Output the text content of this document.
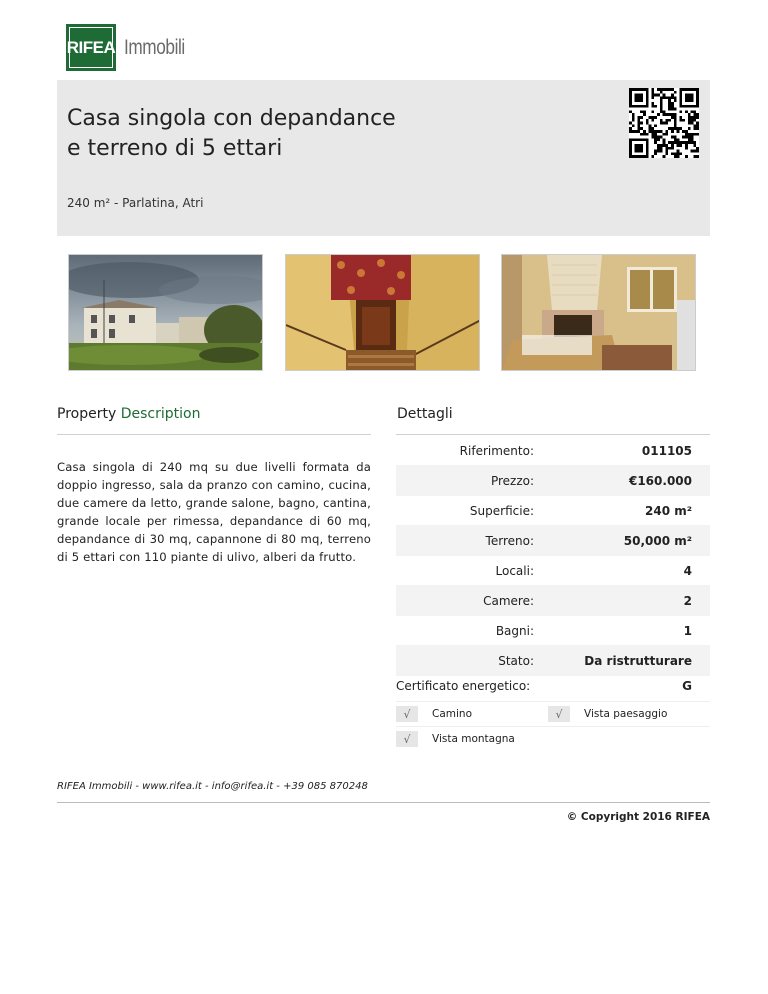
RIFEA Immobili
Casa singola con depandance e terreno di 5 ettari
240 m² - Parlatina, Atri
Property Description

Casa singola di 240 mq su due livelli formata da doppio ingresso, sala da pranzo con camino, cucina, due camere da letto, grande salone, bagno, cantina, grande locale per rimessa, depandance di 60 mq, depandance di 30 mq, capannone di 80 mq, terreno di 5 ettari con 110 piante di ulivo, alberi da frutto.

Dettagli
Riferimento:	011105
Prezzo:	€160.000
Superficie:	240 m²
Terreno:	50,000 m²
Locali:	4
Camere:	2
Bagni:	1
Stato:	Da ristrutturare
Certificato energetico:	G
√	Camino	√	Vista paesaggio
√	Vista montagna
RIFEA Immobili - www.rifea.it - info@rifea.it - +39 085 870248
© Copyright 2016 RIFEA
